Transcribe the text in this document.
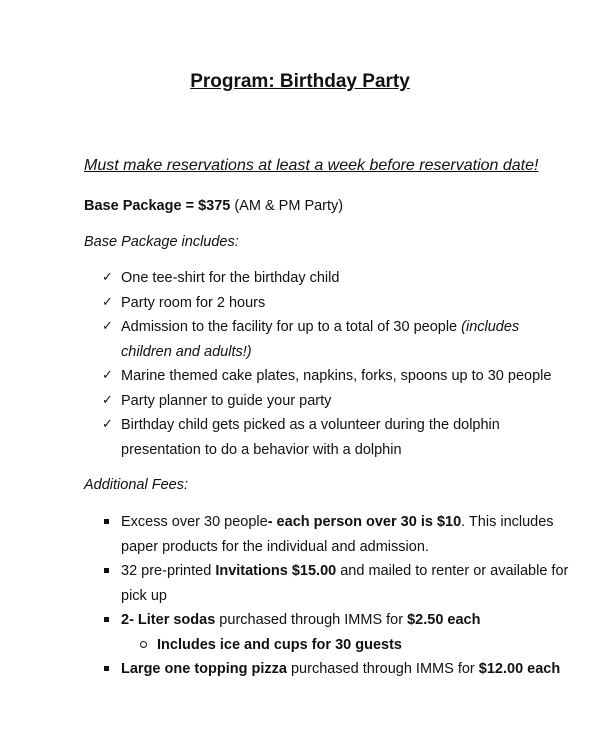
Program: Birthday Party
Must make reservations at least a week before reservation date!
Base Package = $375 (AM & PM Party)
Base Package includes:
✓ One tee-shirt for the birthday child
✓ Party room for 2 hours
✓ Admission to the facility for up to a total of 30 people (includes children and adults!)
✓ Marine themed cake plates, napkins, forks, spoons up to 30 people
✓ Party planner to guide your party
✓ Birthday child gets picked as a volunteer during the dolphin presentation to do a behavior with a dolphin
Additional Fees:
Excess over 30 people- each person over 30 is $10. This includes paper products for the individual and admission.
32 pre-printed Invitations $15.00 and mailed to renter or available for pick up
2- Liter sodas purchased through IMMS for $2.50 each
Includes ice and cups for 30 guests
Large one topping pizza purchased through IMMS for $12.00 each
